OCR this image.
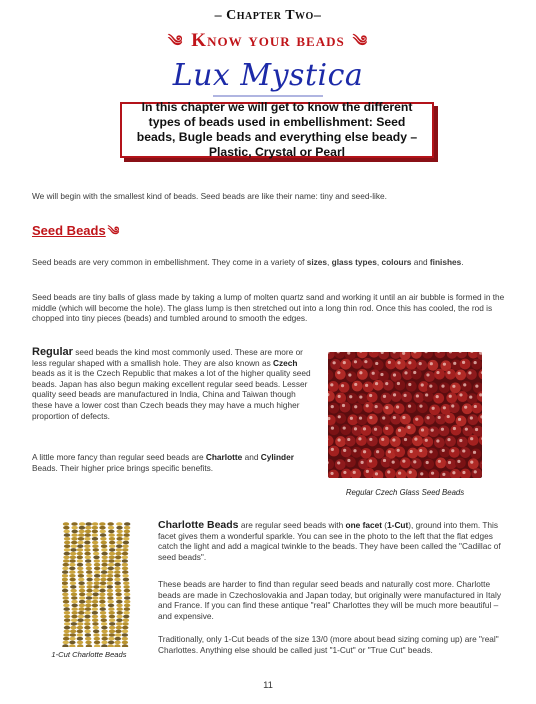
– Chapter Two–
༄ Know your beads ༄
Lux Mystica
In this chapter we will get to know the different types of beads used in embellishment: Seed beads, Bugle beads and everything else beady – Plastic, Crystal or Pearl
We will begin with the smallest kind of beads. Seed beads are like their name: tiny and seed-like.
Seed Beads ༄
Seed beads are very common in embellishment. They come in a variety of sizes, glass types, colours and finishes.
Seed beads are tiny balls of glass made by taking a lump of molten quartz sand and working it until an air bubble is formed in the middle (which will become the hole). The glass lump is then stretched out into a long thin rod. Once this has cooled, the rod is chopped into tiny pieces (beads) and tumbled around to smooth the edges.
Regular seed beads the kind most commonly used. These are more or less regular shaped with a smallish hole. They are also known as Czech beads as it is the Czech Republic that makes a lot of the higher quality seed beads. Japan has also begun making excellent regular seed beads. Lesser quality seed beads are manufactured in India, China and Taiwan though these have a lower cost than Czech beads they may have a much higher proportion of defects.
A little more fancy than regular seed beads are Charlotte and Cylinder Beads. Their higher price brings specific benefits.
Regular Czech Glass Seed Beads
1-Cut Charlotte Beads
Charlotte Beads are regular seed beads with one facet (1-Cut), ground into them. This facet gives them a wonderful sparkle. You can see in the photo to the left that the flat edges catch the light and add a magical twinkle to the beads. They have been called the "Cadillac of seed beads".
These beads are harder to find than regular seed beads and naturally cost more. Charlotte beads are made in Czechoslovakia and Japan today, but originally were manufactured in Italy and France. If you can find these antique "real" Charlottes they will be much more beautiful – and expensive.
Traditionally, only 1-Cut beads of the size 13/0 (more about bead sizing coming up) are "real" Charlottes. Anything else should be called just "1-Cut" or "True Cut" beads.
11
